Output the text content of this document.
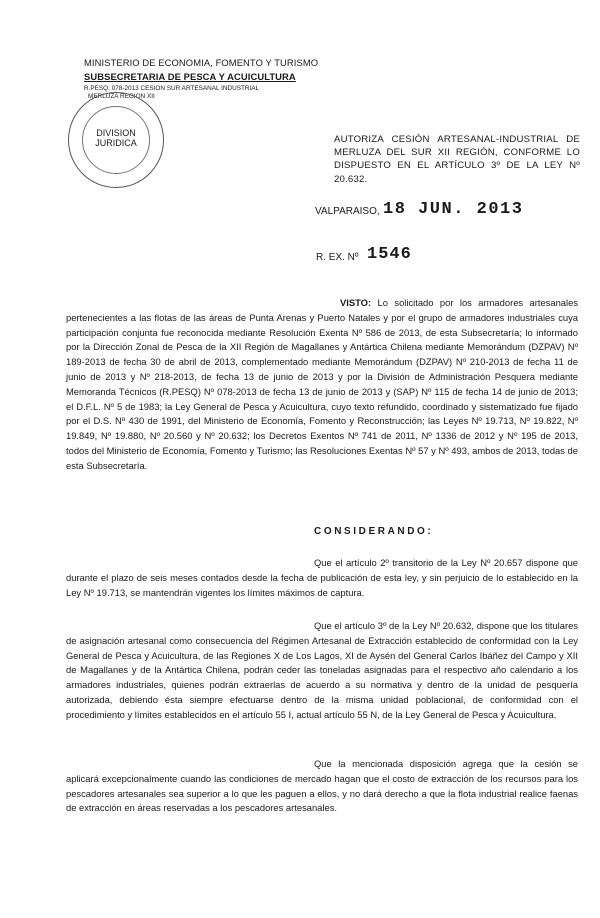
MINISTERIO DE ECONOMIA, FOMENTO Y TURISMO
SUBSECRETARIA DE PESCA Y ACUICULTURA
R.PESQ. 078-2013 CESION SUR ARTESANAL INDUSTRIAL
MERLUZA REGION XII
DIVISION
JURIDICA	AUTORIZA CESIÓN ARTESANAL-INDUSTRIAL DE MERLUZA DEL SUR XII REGIÓN, CONFORME LO DISPUESTO EN EL ARTÍCULO 3º DE LA LEY Nº 20.632.
VALPARAISO, 18 JUN. 2013
R. EX. Nº 1546
VISTO: Lo solicitado por los armadores artesanales pertenecientes a las flotas de las áreas de Punta Arenas y Puerto Natales y por el grupo de armadores industriales cuya participación conjunta fue reconocida mediante Resolución Exenta Nº 586 de 2013, de esta Subsecretaría; lo informado por la Dirección Zonal de Pesca de la XII Región de Magallanes y Antártica Chilena mediante Memorándum (DZPAV) Nº 189-2013 de fecha 30 de abril de 2013, complementado mediante Memorándum (DZPAV) Nº 210-2013 de fecha 11 de junio de 2013 y Nº 218-2013, de fecha 13 de junio de 2013 y por la División de Administración Pesquera mediante Memoranda Técnicos (R.PESQ) Nº 078-2013 de fecha 13 de junio de 2013 y (SAP) Nº 115 de fecha 14 de junio de 2013; el D.F.L. Nº 5 de 1983; la Ley General de Pesca y Acuicultura, cuyo texto refundido, coordinado y sistematizado fue fijado por el D.S. Nº 430 de 1991, del Ministerio de Economía, Fomento y Reconstrucción; las Leyes Nº 19.713, Nº 19.822, Nº 19.849, Nº 19.880, Nº 20.560 y Nº 20.632; los Decretos Exentos Nº 741 de 2011, Nº 1336 de 2012 y Nº 195 de 2013, todos del Ministerio de Economía, Fomento y Turismo; las Resoluciones Exentas Nº 57 y Nº 493, ambos de 2013, todas de esta Subsecretaría.
CONSIDERANDO:
Que el artículo 2º transitorio de la Ley Nº 20.657 dispone que durante el plazo de seis meses contados desde la fecha de publicación de esta ley, y sin perjuicio de lo establecido en la Ley Nº 19.713, se mantendrán vigentes los límites máximos de captura.
Que el artículo 3º de la Ley Nº 20.632, dispone que los titulares de asignación artesanal como consecuencia del Régimen Artesanal de Extracción establecido de conformidad con la Ley General de Pesca y Acuicultura, de las Regiones X de Los Lagos, XI de Aysén del General Carlos Ibáñez del Campo y XII de Magallanes y de la Antártica Chilena, podrán ceder las toneladas asignadas para el respectivo año calendario a los armadores industriales, quienes podrán extraerlas de acuerdo a su normativa y dentro de la unidad de pesquería autorizada, debiendo ésta siempre efectuarse dentro de la misma unidad poblacional, de conformidad con el procedimiento y límites establecidos en el artículo 55 I, actual artículo 55 N, de la Ley General de Pesca y Acuicultura.
Que la mencionada disposición agrega que la cesión se aplicará excepcionalmente cuando las condiciones de mercado hagan que el costo de extracción de los recursos para los pescadores artesanales sea superior a lo que les paguen a ellos, y no dará derecho a que la flota industrial realice faenas de extracción en áreas reservadas a los pescadores artesanales.
